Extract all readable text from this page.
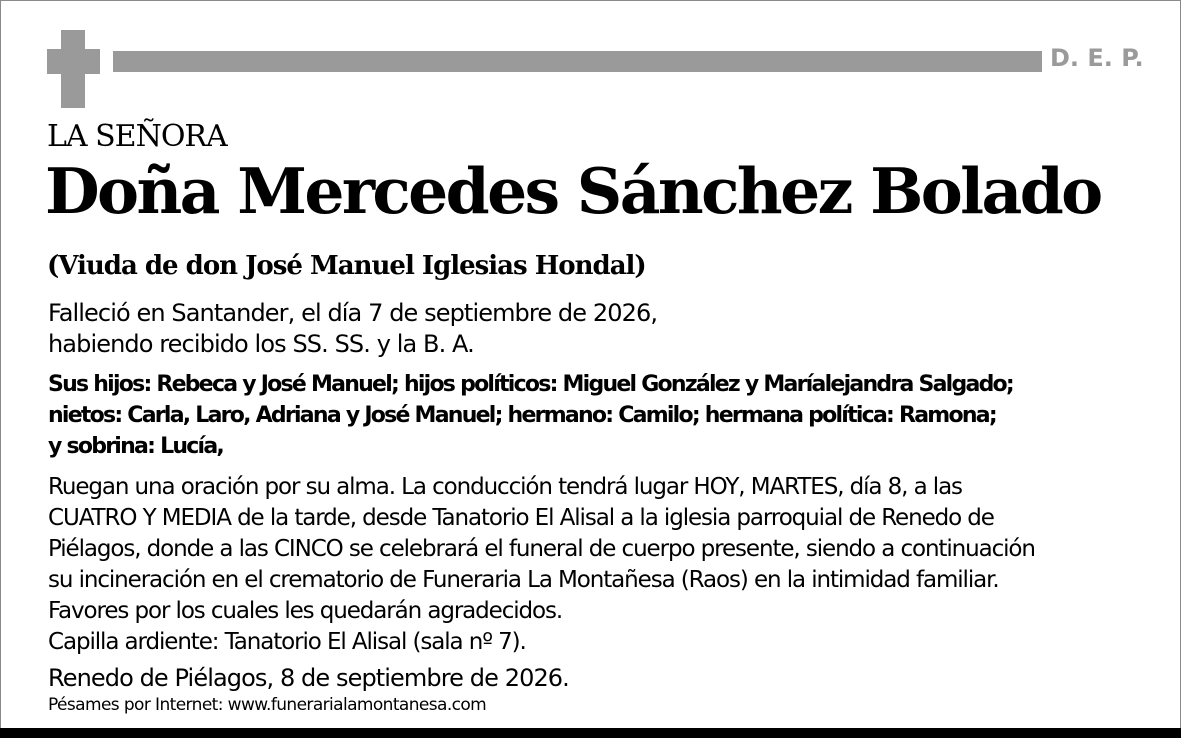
D. E. P.
LA SEÑORA
Doña Mercedes Sánchez Bolado
(Viuda de don José Manuel Iglesias Hondal)
Falleció en Santander, el día 7 de septiembre de 2026,
habiendo recibido los SS. SS. y la B. A.
Sus hijos: Rebeca y José Manuel; hijos políticos: Miguel González y Maríalejandra Salgado;
nietos: Carla, Laro, Adriana y José Manuel; hermano: Camilo; hermana política: Ramona;
y sobrina: Lucía,
Ruegan una oración por su alma. La conducción tendrá lugar HOY, MARTES, día 8, a las
CUATRO Y MEDIA de la tarde, desde Tanatorio El Alisal a la iglesia parroquial de Renedo de
Piélagos, donde a las CINCO se celebrará el funeral de cuerpo presente, siendo a continuación
su incineración en el crematorio de Funeraria La Montañesa (Raos) en la intimidad familiar.
Favores por los cuales les quedarán agradecidos.
Capilla ardiente: Tanatorio El Alisal (sala nº 7).
Renedo de Piélagos, 8 de septiembre de 2026.
Pésames por Internet: www.funerarialamontanesa.com
